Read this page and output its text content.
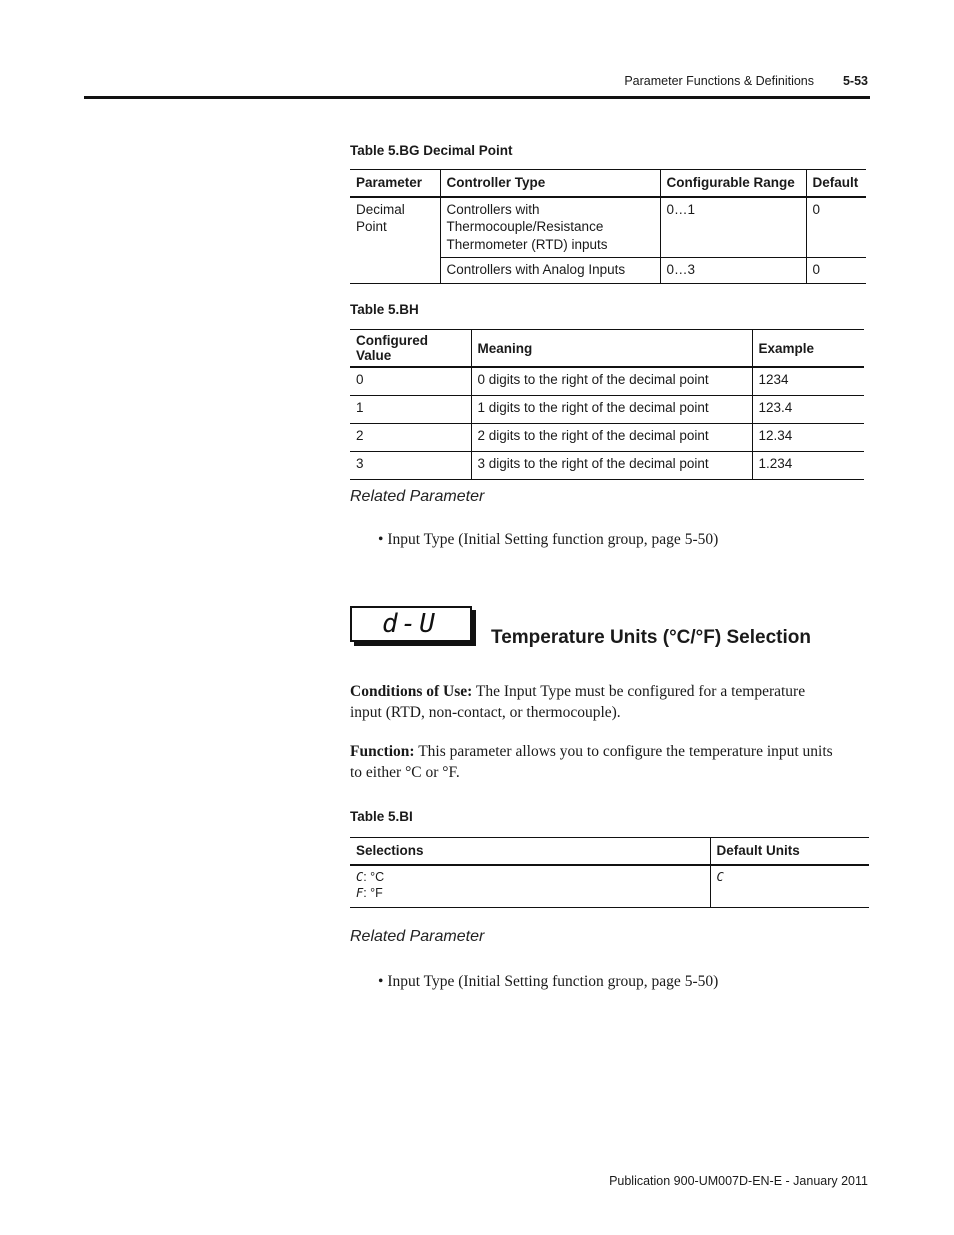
Parameter Functions & Definitions 5-53
Table 5.BG Decimal Point
Parameter	Controller Type	Configurable Range	Default
Decimal Point	Controllers with
Thermocouple/Resistance
Thermometer (RTD) inputs	0…1	0
	Controllers with Analog Inputs	0…3	0
Table 5.BH
Configured Value	Meaning	Example
0	0 digits to the right of the decimal point	1234
1	1 digits to the right of the decimal point	123.4
2	2 digits to the right of the decimal point	12.34
3	3 digits to the right of the decimal point	1.234
Related Parameter
• Input Type (Initial Setting function group, page 5-50)
d-U	Temperature Units (°C/°F) Selection
Conditions of Use: The Input Type must be configured for a temperature
input (RTD, non-contact, or thermocouple).
Function: This parameter allows you to configure the temperature input units
to either °C or °F.
Table 5.BI
Selections	Default Units

C: °C
F: °F	C
Related Parameter
• Input Type (Initial Setting function group, page 5-50)
Publication 900-UM007D-EN-E - January 2011
